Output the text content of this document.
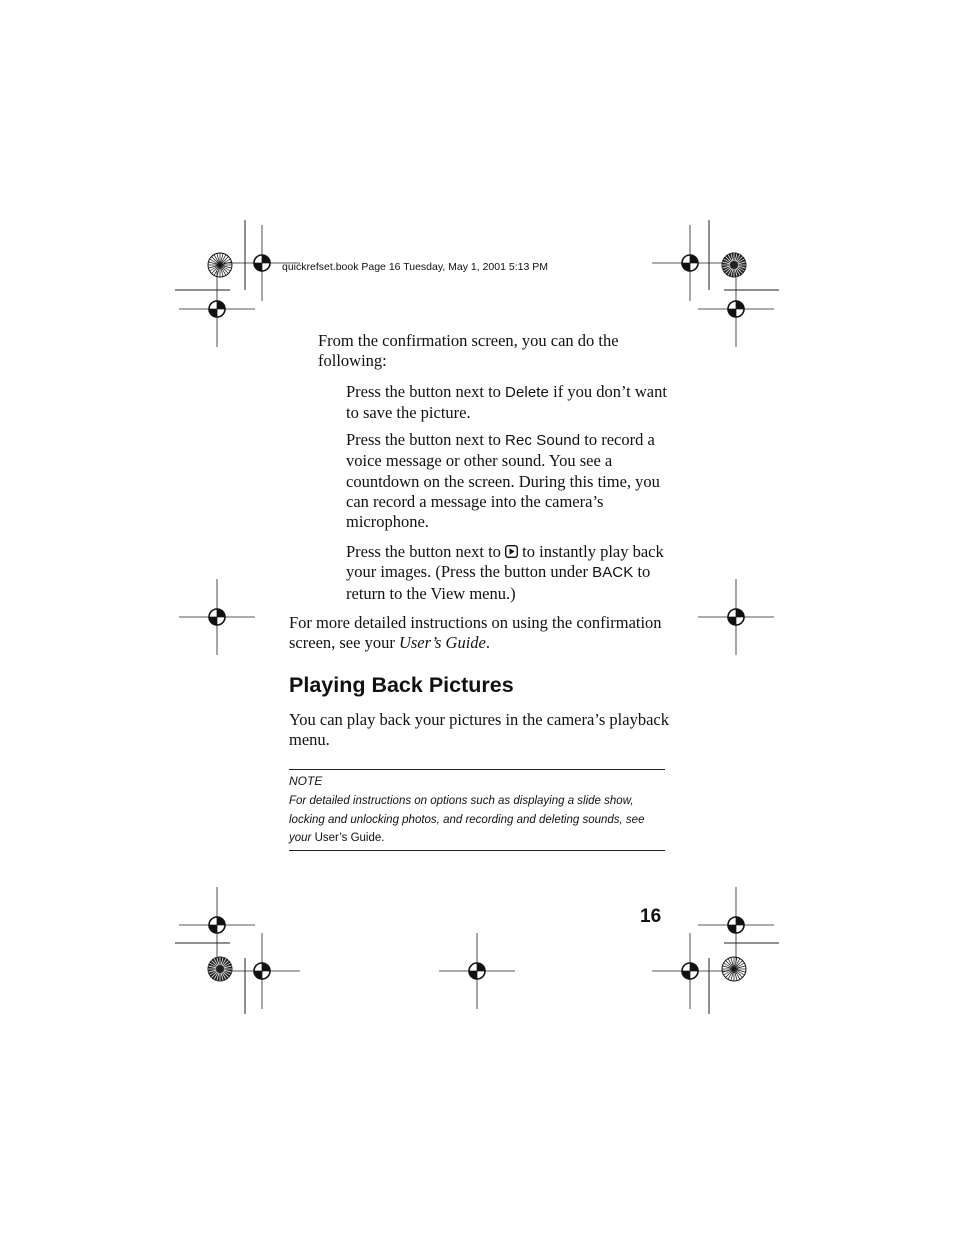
quickrefset.book Page 16 Tuesday, May 1, 2001 5:13 PM
From the confirmation screen, you can do the following:
Press the button next to Delete if you don’t want to save the picture.
Press the button next to Rec Sound to record a voice message or other sound. You see a countdown on the screen. During this time, you can record a message into the camera’s microphone.
Press the button next to  to instantly play back your images. (Press the button under BACK to return to the View menu.)
For more detailed instructions on using the confirmation screen, see your User’s Guide.
Playing Back Pictures
You can play back your pictures in the camera’s playback menu.
NOTE
For detailed instructions on options such as displaying a slide show, locking and unlocking photos, and recording and deleting sounds, see your User’s Guide.
16
